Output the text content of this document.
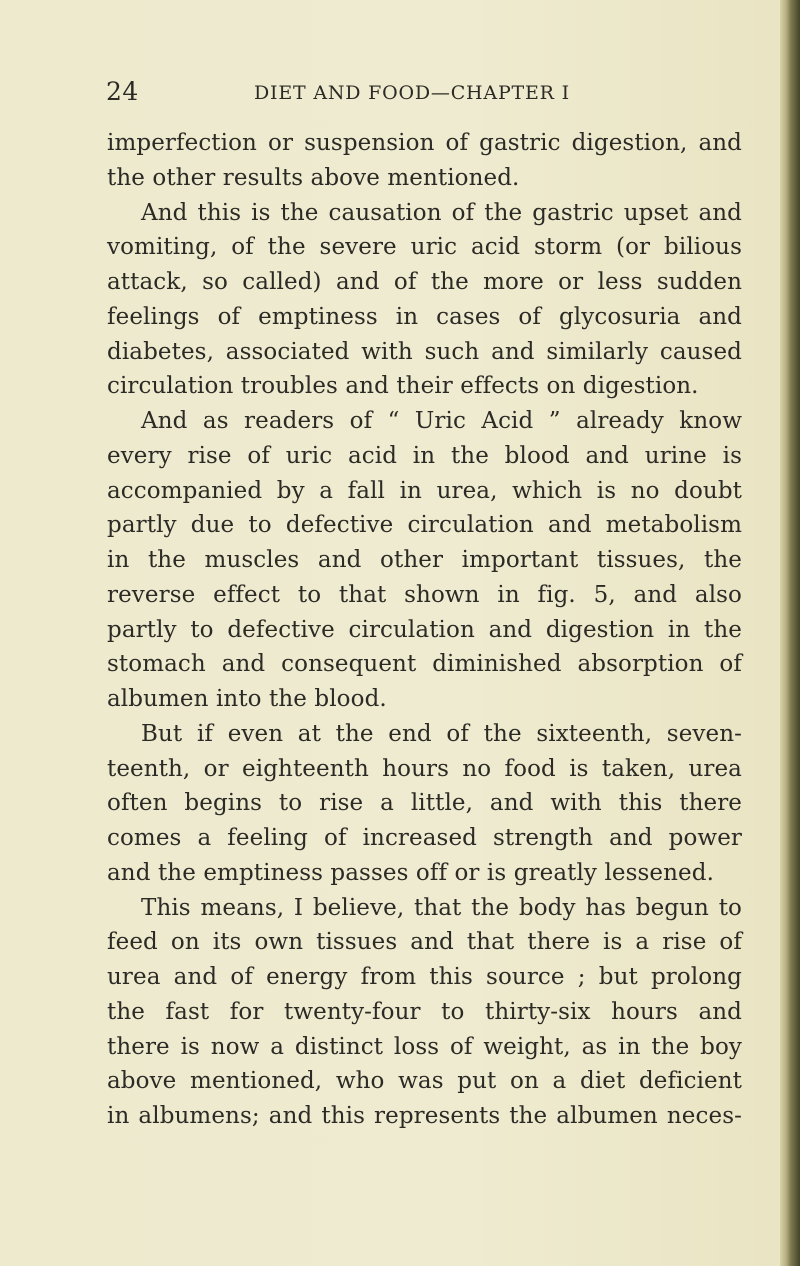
24	DIET AND FOOD—CHAPTER I
imperfection or suspension of gastric digestion, and
the other results above mentioned.
And this is the causation of the gastric upset and
vomiting, of the severe uric acid storm (or bilious
attack, so called) and of the more or less sudden
feelings of emptiness in cases of glycosuria and
diabetes, associated with such and similarly caused
circulation troubles and their effects on digestion.
And as readers of “ Uric Acid ” already know
every rise of uric acid in the blood and urine is
accompanied by a fall in urea, which is no doubt
partly due to defective circulation and metabolism
in the muscles and other important tissues, the
reverse effect to that shown in fig. 5, and also
partly to defective circulation and digestion in the
stomach and consequent diminished absorption of
albumen into the blood.
But if even at the end of the sixteenth, seven-
teenth, or eighteenth hours no food is taken, urea
often begins to rise a little, and with this there
comes a feeling of increased strength and power
and the emptiness passes off or is greatly lessened.
This means, I believe, that the body has begun to
feed on its own tissues and that there is a rise of
urea and of energy from this source ; but prolong
the fast for twenty-four to thirty-six hours and
there is now a distinct loss of weight, as in the boy
above mentioned, who was put on a diet deficient
in albumens; and this represents the albumen neces-
